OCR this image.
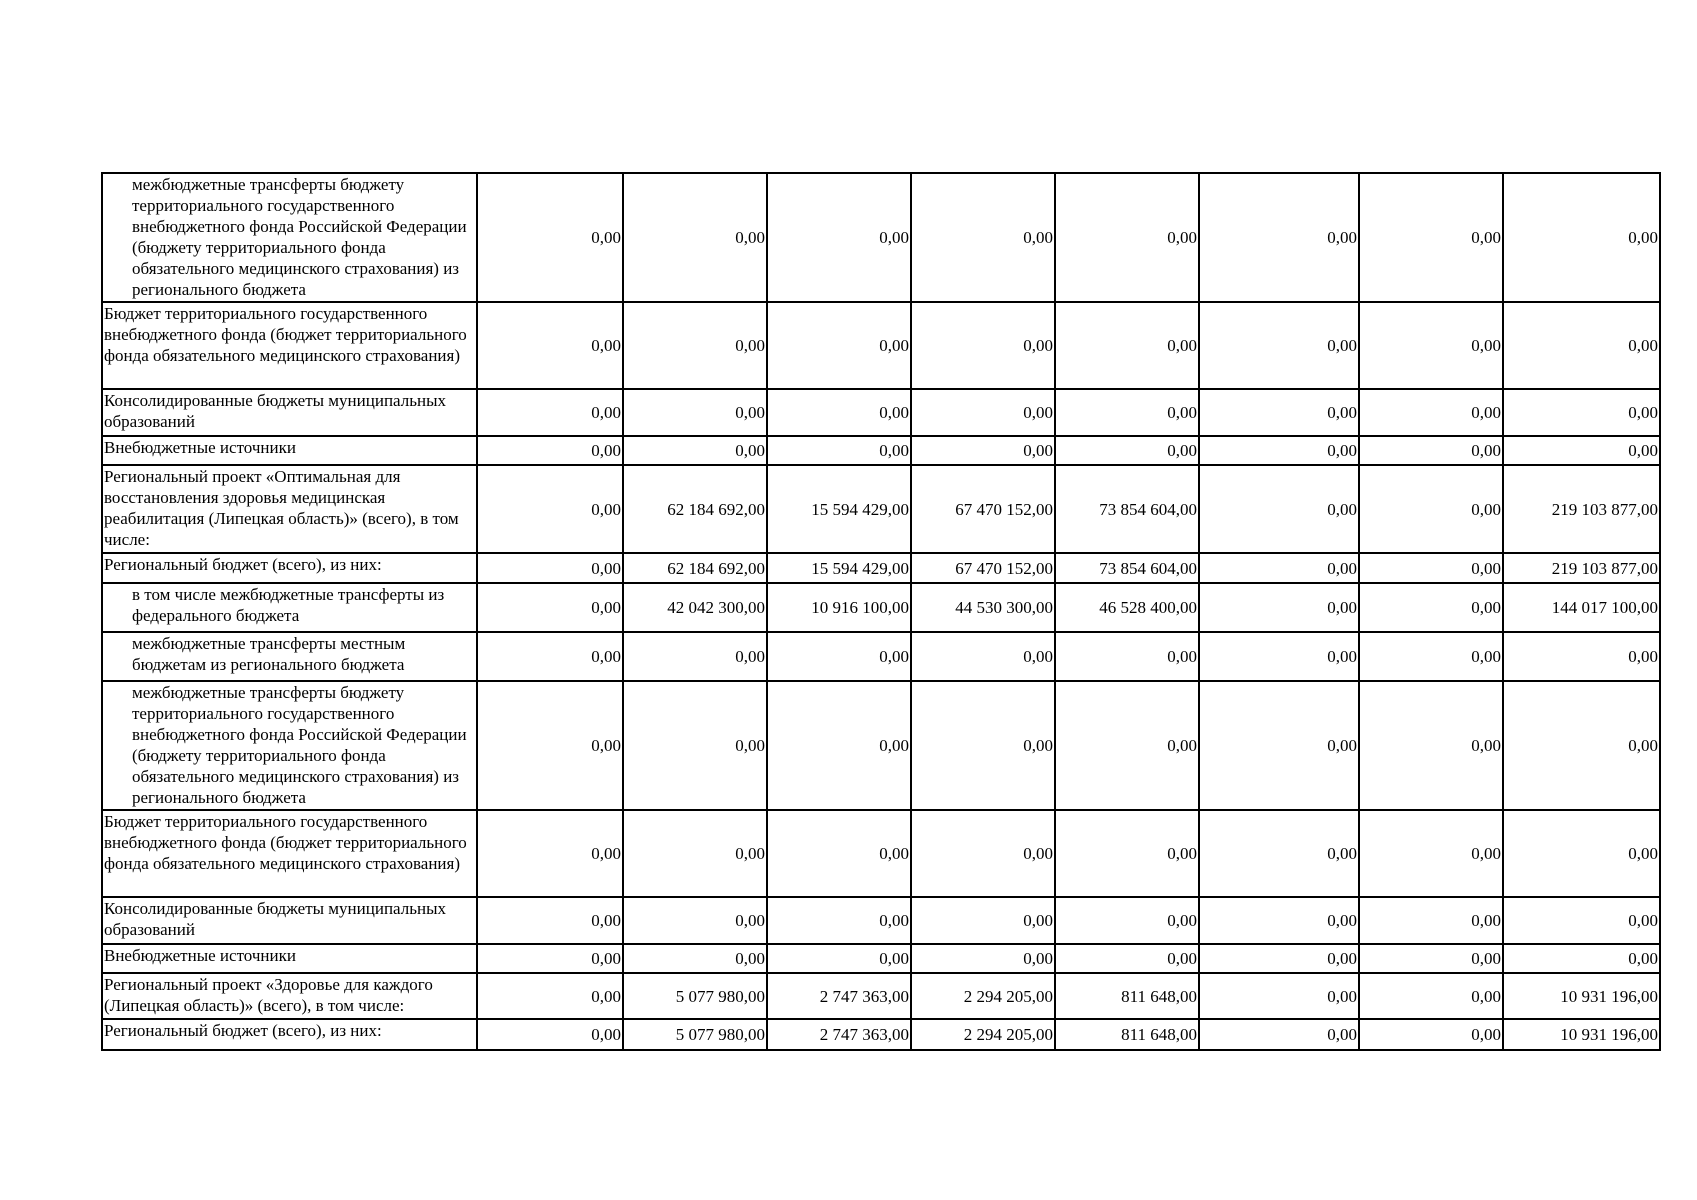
межбюджетные трансферты бюджету территориального государственного внебюджетного фонда Российской Федерации (бюджету территориального фонда обязательного медицинского страхования) из регионального бюджета	0,00	0,00	0,00	0,00	0,00	0,00	0,00	0,00
Бюджет территориального государственного внебюджетного фонда (бюджет территориального фонда обязательного медицинского страхования)	0,00	0,00	0,00	0,00	0,00	0,00	0,00	0,00
Консолидированные бюджеты муниципальных образований	0,00	0,00	0,00	0,00	0,00	0,00	0,00	0,00
Внебюджетные источники	0,00	0,00	0,00	0,00	0,00	0,00	0,00	0,00
Региональный проект «Оптимальная для восстановления здоровья медицинская реабилитация (Липецкая область)» (всего), в том числе:	0,00	62 184 692,00	15 594 429,00	67 470 152,00	73 854 604,00	0,00	0,00	219 103 877,00
Региональный бюджет (всего), из них:	0,00	62 184 692,00	15 594 429,00	67 470 152,00	73 854 604,00	0,00	0,00	219 103 877,00
в том числе межбюджетные трансферты из федерального бюджета	0,00	42 042 300,00	10 916 100,00	44 530 300,00	46 528 400,00	0,00	0,00	144 017 100,00
межбюджетные трансферты местным бюджетам из регионального бюджета	0,00	0,00	0,00	0,00	0,00	0,00	0,00	0,00
межбюджетные трансферты бюджету территориального государственного внебюджетного фонда Российской Федерации (бюджету территориального фонда обязательного медицинского страхования) из регионального бюджета	0,00	0,00	0,00	0,00	0,00	0,00	0,00	0,00
Бюджет территориального государственного внебюджетного фонда (бюджет территориального фонда обязательного медицинского страхования)	0,00	0,00	0,00	0,00	0,00	0,00	0,00	0,00
Консолидированные бюджеты муниципальных образований	0,00	0,00	0,00	0,00	0,00	0,00	0,00	0,00
Внебюджетные источники	0,00	0,00	0,00	0,00	0,00	0,00	0,00	0,00
Региональный проект «Здоровье для каждого (Липецкая область)» (всего), в том числе:	0,00	5 077 980,00	2 747 363,00	2 294 205,00	811 648,00	0,00	0,00	10 931 196,00
Региональный бюджет (всего), из них:	0,00	5 077 980,00	2 747 363,00	2 294 205,00	811 648,00	0,00	0,00	10 931 196,00
